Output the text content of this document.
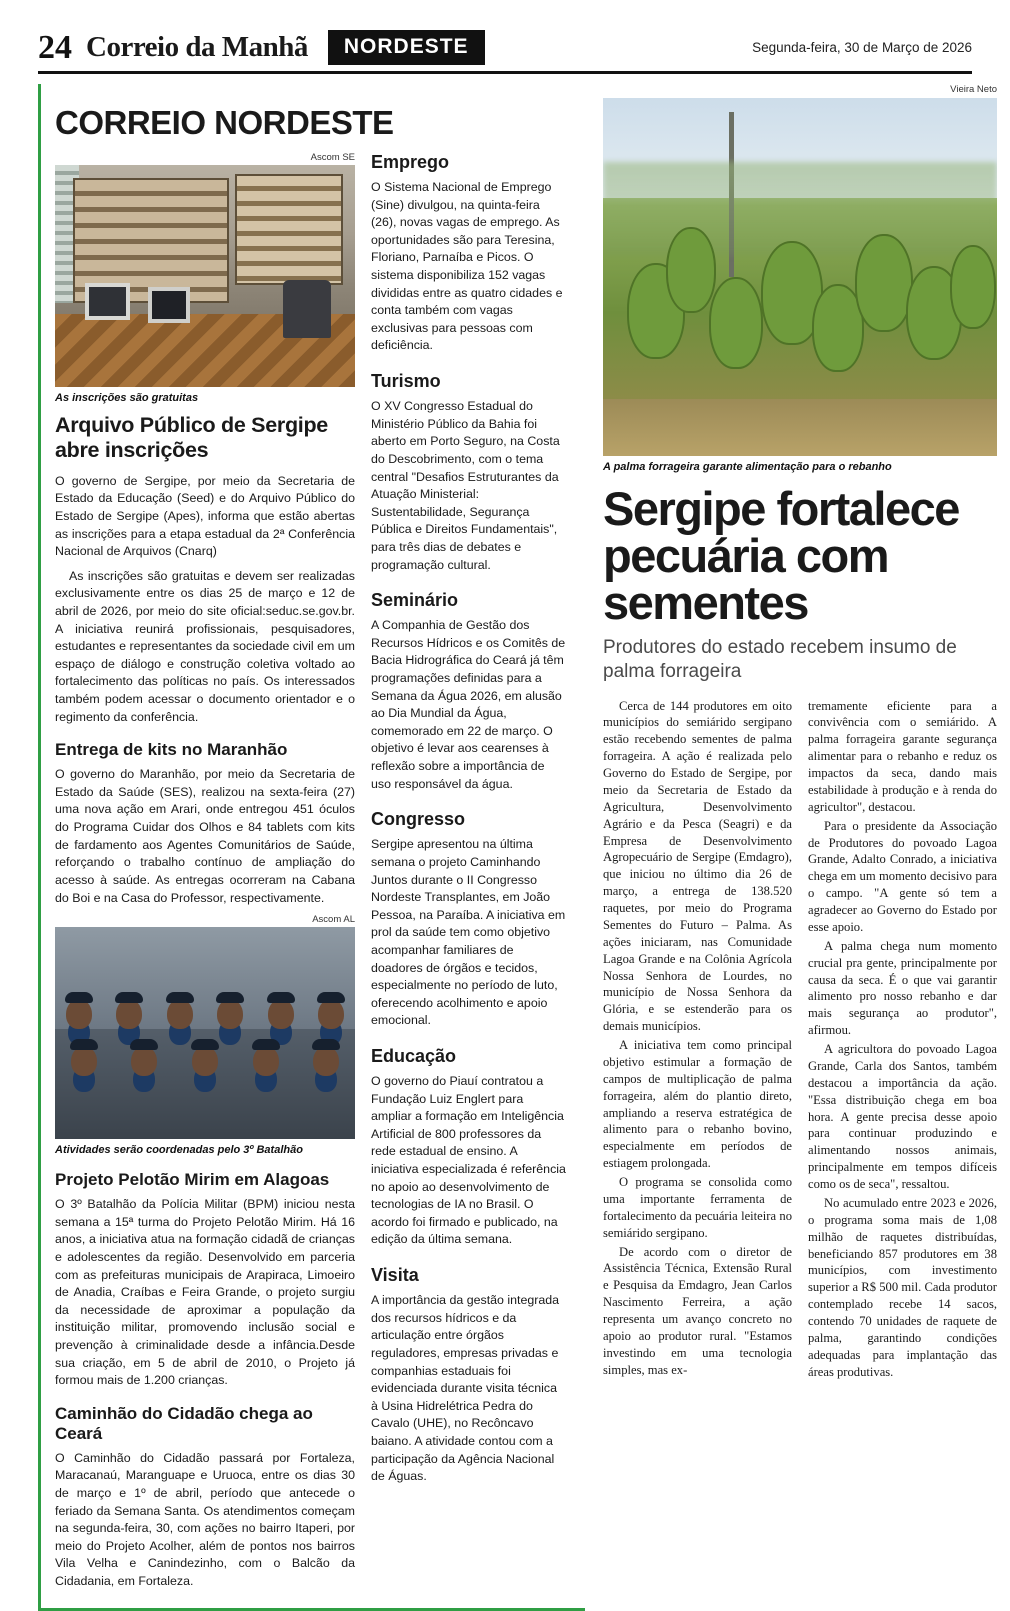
24 Correio da Manhã	NORDESTE	Segunda-feira, 30 de Março de 2026
CORREIO NORDESTE
Ascom SE
As inscrições são gratuitas
Arquivo Público de Sergipe abre inscrições

O governo de Sergipe, por meio da Secretaria de Estado da Educação (Seed) e do Arquivo Público do Estado de Sergipe (Apes), informa que estão abertas as inscrições para a etapa estadual da 2ª Conferência Nacional de Arquivos (Cnarq)

As inscrições são gratuitas e devem ser realizadas exclusivamente entre os dias 25 de março e 12 de abril de 2026, por meio do site oficial:seduc.se.gov.br. A iniciativa reunirá profissionais, pesquisadores, estudantes e representantes da sociedade civil em um espaço de diálogo e construção coletiva voltado ao fortalecimento das políticas no país. Os interessados também podem acessar o documento orientador e o regimento da conferência.

Entrega de kits no Maranhão

O governo do Maranhão, por meio da Secretaria de Estado da Saúde (SES), realizou na sexta-feira (27) uma nova ação em Arari, onde entregou 451 óculos do Programa Cuidar dos Olhos e 84 tablets com kits de fardamento aos Agentes Comunitários de Saúde, reforçando o trabalho contínuo de ampliação do acesso à saúde. As entregas ocorreram na Cabana do Boi e na Casa do Professor, respectivamente.

Ascom AL
Atividades serão coordenadas pelo 3º Batalhão
Projeto Pelotão Mirim em Alagoas

O 3º Batalhão da Polícia Militar (BPM) iniciou nesta semana a 15ª turma do Projeto Pelotão Mirim. Há 16 anos, a iniciativa atua na formação cidadã de crianças e adolescentes da região. Desenvolvido em parceria com as prefeituras municipais de Arapiraca, Limoeiro de Anadia, Craíbas e Feira Grande, o projeto surgiu da necessidade de aproximar a população da instituição militar, promovendo inclusão social e prevenção à criminalidade desde a infância.Desde sua criação, em 5 de abril de 2010, o Projeto já formou mais de 1.200 crianças.

Caminhão do Cidadão chega ao Ceará

O Caminhão do Cidadão passará por Fortaleza, Maracanaú, Maranguape e Uruoca, entre os dias 30 de março e 1º de abril, período que antecede o feriado da Semana Santa. Os atendimentos começam na segunda-feira, 30, com ações no bairro Itaperi, por meio do Projeto Acolher, além de pontos nos bairros Vila Velha e Canindezinho, com o Balcão da Cidadania, em Fortaleza.

Emprego

O Sistema Nacional de Emprego (Sine) divulgou, na quinta-feira (26), novas vagas de emprego. As oportunidades são para Teresina, Floriano, Parnaíba e Picos. O sistema disponibiliza 152 vagas divididas entre as quatro cidades e conta também com vagas exclusivas para pessoas com deficiência.

Turismo

O XV Congresso Estadual do Ministério Público da Bahia foi aberto em Porto Seguro, na Costa do Descobrimento, com o tema central "Desafios Estruturantes da Atuação Ministerial: Sustentabilidade, Segurança Pública e Direitos Fundamentais", para três dias de debates e programação cultural.

Seminário

A Companhia de Gestão dos Recursos Hídricos e os Comitês de Bacia Hidrográfica do Ceará já têm programações definidas para a Semana da Água 2026, em alusão ao Dia Mundial da Água, comemorado em 22 de março. O objetivo é levar aos cearenses à reflexão sobre a importância de uso responsável da água.

Congresso

Sergipe apresentou na última semana o projeto Caminhando Juntos durante o II Congresso Nordeste Transplantes, em João Pessoa, na Paraíba. A iniciativa em prol da saúde tem como objetivo acompanhar familiares de doadores de órgãos e tecidos, especialmente no período de luto, oferecendo acolhimento e apoio emocional.

Educação

O governo do Piauí contratou a Fundação Luiz Englert para ampliar a formação em Inteligência Artificial de 800 professores da rede estadual de ensino. A iniciativa especializada é referência no apoio ao desenvolvimento de tecnologias de IA no Brasil. O acordo foi firmado e publicado, na edição da última semana.

Visita

A importância da gestão integrada dos recursos hídricos e da articulação entre órgãos reguladores, empresas privadas e companhias estaduais foi evidenciada durante visita técnica à Usina Hidrelétrica Pedra do Cavalo (UHE), no Recôncavo baiano. A atividade contou com a participação da Agência Nacional de Águas.

Vieira Neto
A palma forrageira garante alimentação para o rebanho
Sergipe fortalece pecuária com sementes
Produtores do estado recebem insumo de palma forrageira

Cerca de 144 produtores em oito municípios do semiárido sergipano estão recebendo sementes de palma forrageira. A ação é realizada pelo Governo do Estado de Sergipe, por meio da Secretaria de Estado da Agricultura, Desenvolvimento Agrário e da Pesca (Seagri) e da Empresa de Desenvolvimento Agropecuário de Sergipe (Emdagro), que iniciou no último dia 26 de março, a entrega de 138.520 raquetes, por meio do Programa Sementes do Futuro – Palma. As ações iniciaram, nas Comunidade Lagoa Grande e na Colônia Agrícola Nossa Senhora de Lourdes, no município de Nossa Senhora da Glória, e se estenderão para os demais municípios.

A iniciativa tem como principal objetivo estimular a formação de campos de multiplicação de palma forrageira, além do plantio direto, ampliando a reserva estratégica de alimento para o rebanho bovino, especialmente em períodos de estiagem prolongada.

O programa se consolida como uma importante ferramenta de fortalecimento da pecuária leiteira no semiárido sergipano.

De acordo com o diretor de Assistência Técnica, Extensão Rural e Pesquisa da Emdagro, Jean Carlos Nascimento Ferreira, a ação representa um avanço concreto no apoio ao produtor rural. "Estamos investindo em uma tecnologia simples, mas ex-

tremamente eficiente para a convivência com o semiárido. A palma forrageira garante segurança alimentar para o rebanho e reduz os impactos da seca, dando mais estabilidade à produção e à renda do agricultor", destacou.

Para o presidente da Associação de Produtores do povoado Lagoa Grande, Adalto Conrado, a iniciativa chega em um momento decisivo para o campo. "A gente só tem a agradecer ao Governo do Estado por esse apoio.

A palma chega num momento crucial pra gente, principalmente por causa da seca. É o que vai garantir alimento pro nosso rebanho e dar mais segurança ao produtor", afirmou.

A agricultora do povoado Lagoa Grande, Carla dos Santos, também destacou a importância da ação. "Essa distribuição chega em boa hora. A gente precisa desse apoio para continuar produzindo e alimentando nossos animais, principalmente em tempos difíceis como os de seca", ressaltou.

No acumulado entre 2023 e 2026, o programa soma mais de 1,08 milhão de raquetes distribuídas, beneficiando 857 produtores em 38 municípios, com investimento superior a R$ 500 mil. Cada produtor contemplado recebe 14 sacos, contendo 70 unidades de raquete de palma, garantindo condições adequadas para implantação das áreas produtivas.
